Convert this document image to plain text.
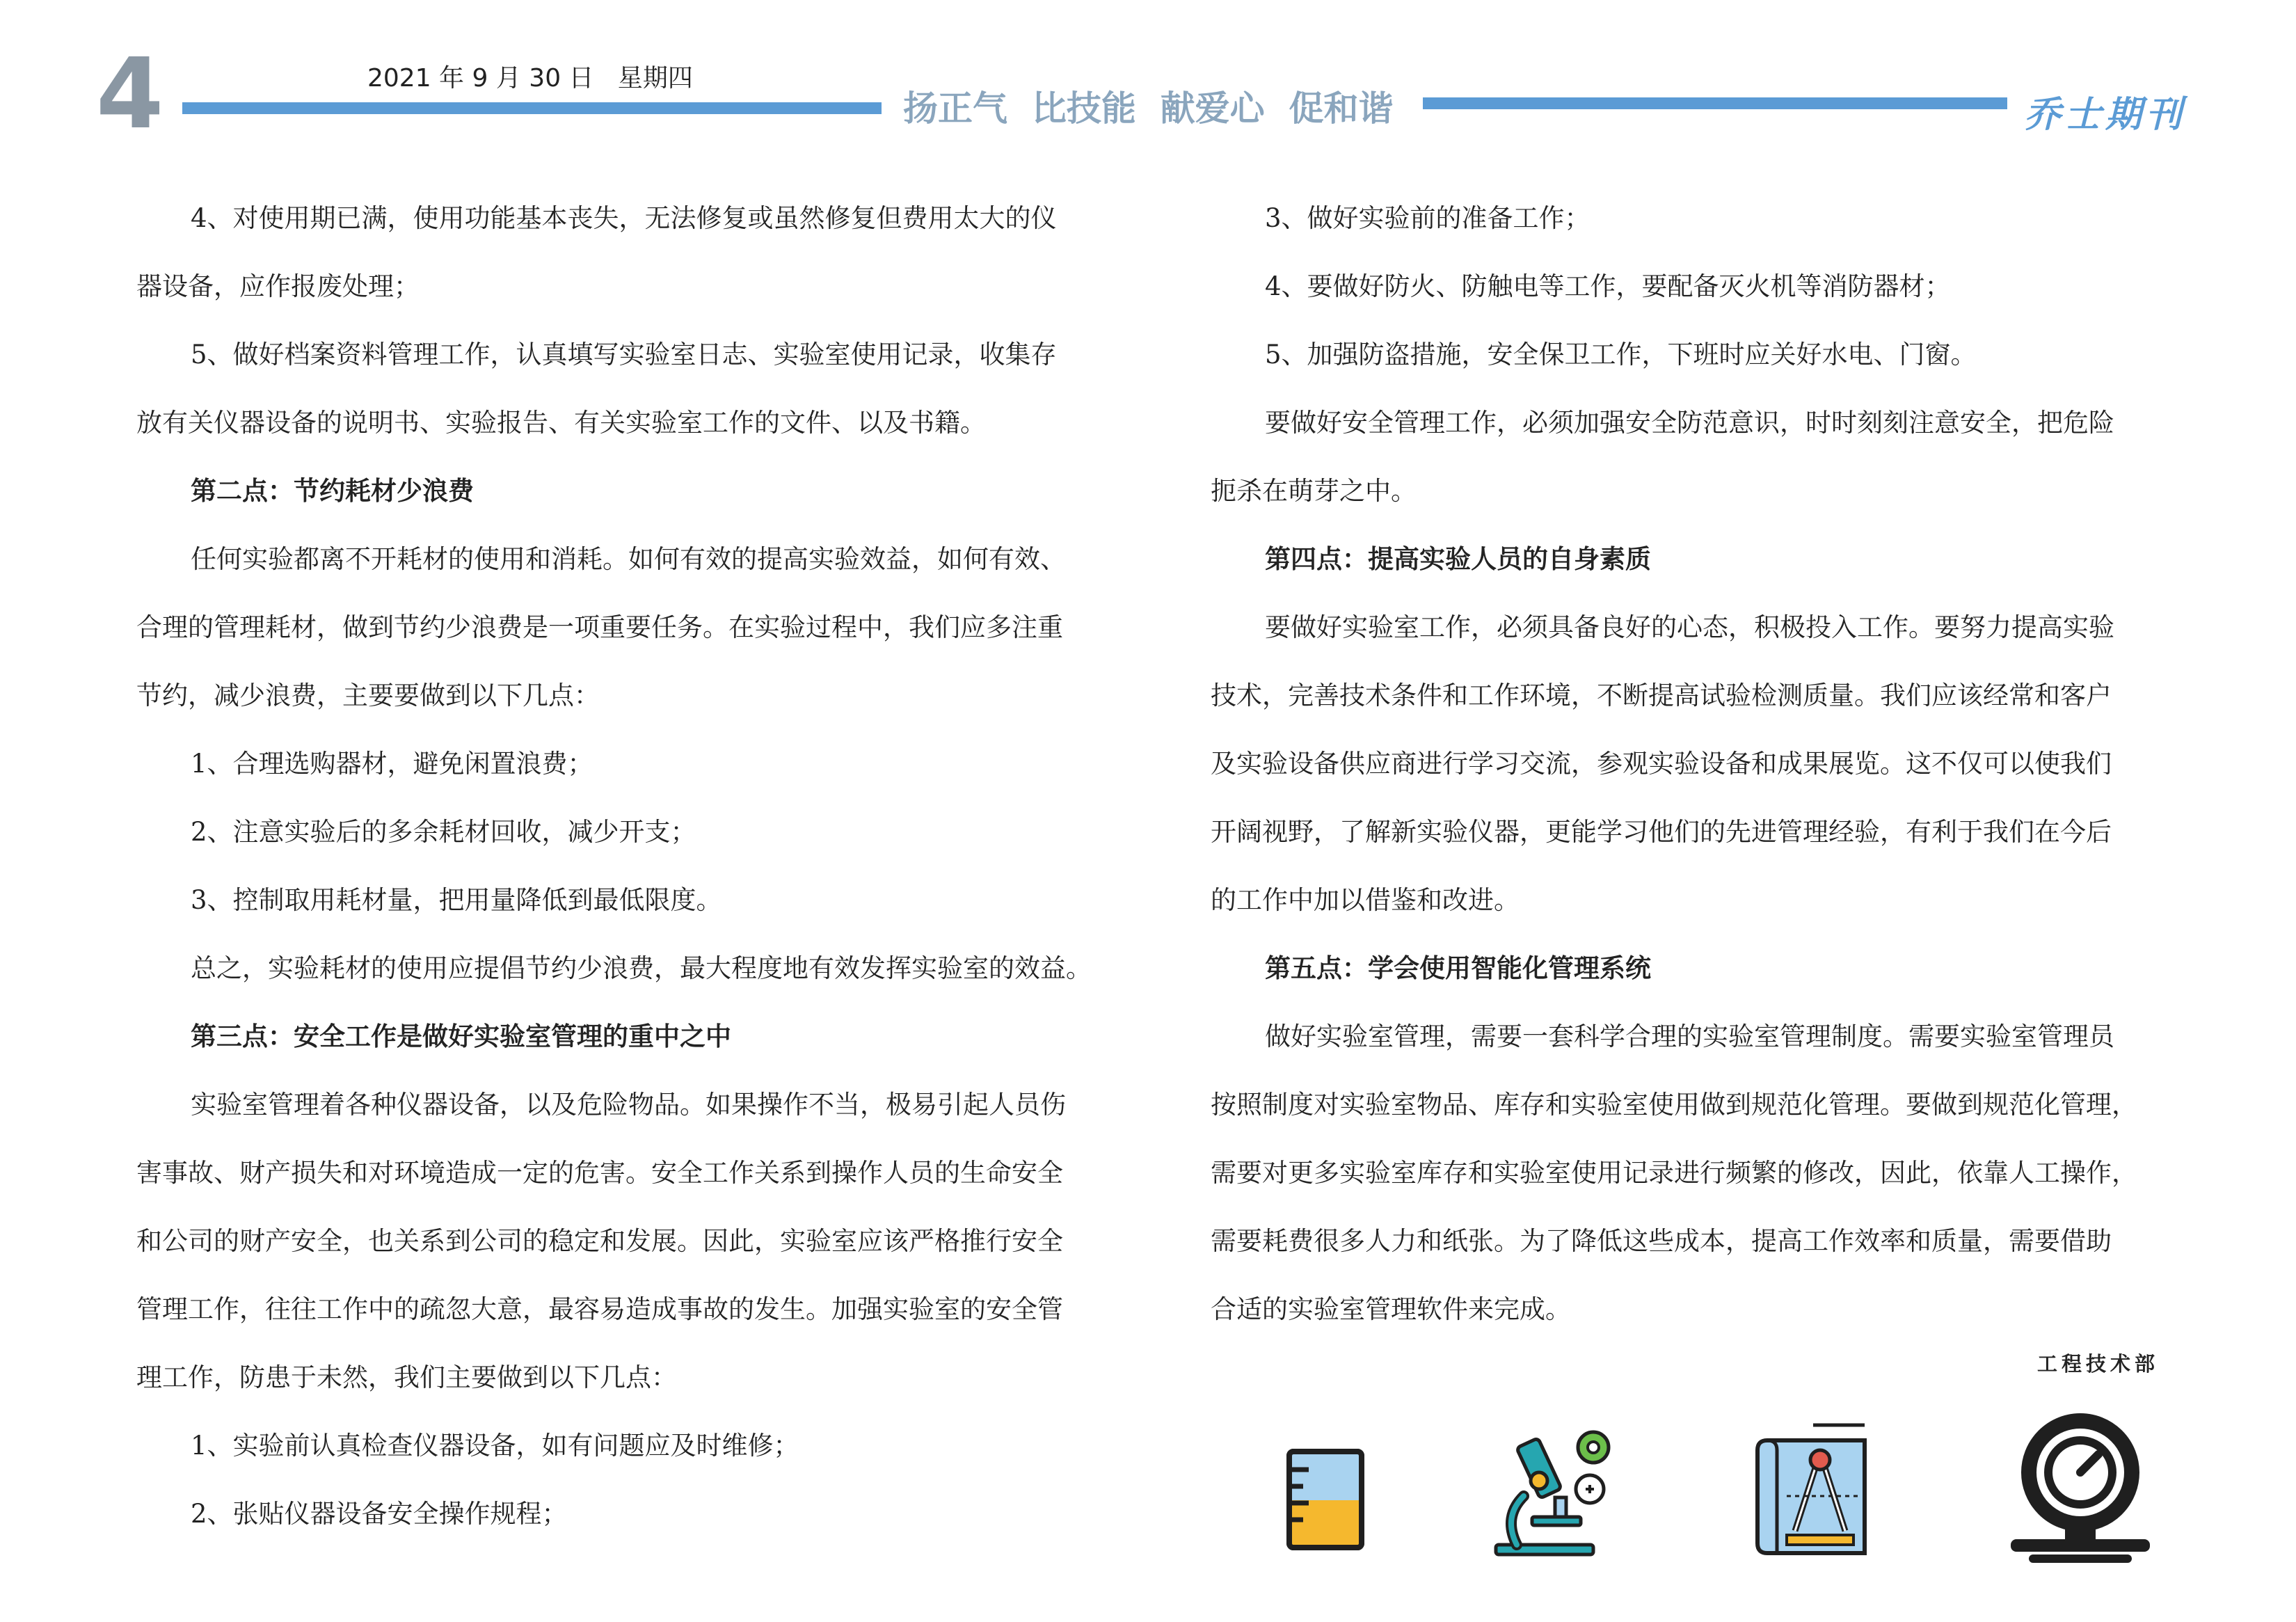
4	2021 年 9 月 30 日   星期四
扬正气  比技能  献爱心  促和谐	乔士期刊

4、对使用期已满，使用功能基本丧失，无法修复或虽然修复但费用太大的仪

器设备，应作报废处理；

5、做好档案资料管理工作，认真填写实验室日志、实验室使用记录，收集存

放有关仪器设备的说明书、实验报告、有关实验室工作的文件、以及书籍。

第二点：节约耗材少浪费

任何实验都离不开耗材的使用和消耗。如何有效的提高实验效益，如何有效、

合理的管理耗材，做到节约少浪费是一项重要任务。在实验过程中，我们应多注重

节约，减少浪费，主要要做到以下几点：

1、合理选购器材，避免闲置浪费；

2、注意实验后的多余耗材回收，减少开支；

3、控制取用耗材量，把用量降低到最低限度。

总之，实验耗材的使用应提倡节约少浪费，最大程度地有效发挥实验室的效益。

第三点：安全工作是做好实验室管理的重中之中

实验室管理着各种仪器设备，以及危险物品。如果操作不当，极易引起人员伤

害事故、财产损失和对环境造成一定的危害。安全工作关系到操作人员的生命安全

和公司的财产安全，也关系到公司的稳定和发展。因此，实验室应该严格推行安全

管理工作，往往工作中的疏忽大意，最容易造成事故的发生。加强实验室的安全管

理工作，防患于未然，我们主要做到以下几点：

1、实验前认真检查仪器设备，如有问题应及时维修；

2、张贴仪器设备安全操作规程；

3、做好实验前的准备工作；

4、要做好防火、防触电等工作，要配备灭火机等消防器材；

5、加强防盗措施，安全保卫工作，下班时应关好水电、门窗。

要做好安全管理工作，必须加强安全防范意识，时时刻刻注意安全，把危险

扼杀在萌芽之中。

第四点：提高实验人员的自身素质

要做好实验室工作，必须具备良好的心态，积极投入工作。要努力提高实验

技术，完善技术条件和工作环境，不断提高试验检测质量。我们应该经常和客户

及实验设备供应商进行学习交流，参观实验设备和成果展览。这不仅可以使我们

开阔视野，了解新实验仪器，更能学习他们的先进管理经验，有利于我们在今后

的工作中加以借鉴和改进。

第五点：学会使用智能化管理系统

做好实验室管理，需要一套科学合理的实验室管理制度。需要实验室管理员

按照制度对实验室物品、库存和实验室使用做到规范化管理。要做到规范化管理，

需要对更多实验室库存和实验室使用记录进行频繁的修改，因此，依靠人工操作，

需要耗费很多人力和纸张。为了降低这些成本，提高工作效率和质量，需要借助

合适的实验室管理软件来完成。

工程技术部
